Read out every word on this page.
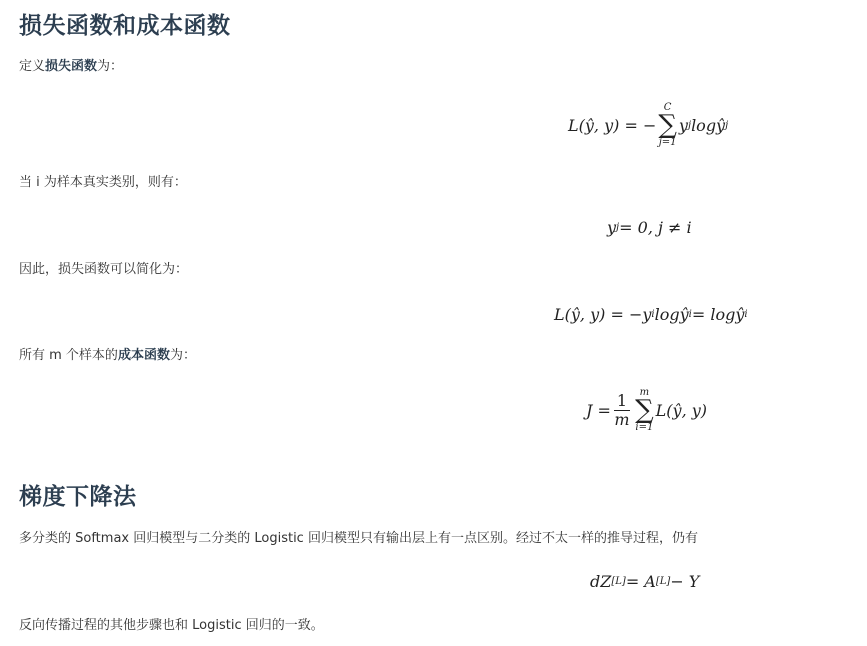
损失函数和成本函数

定义损失函数为：

L(ŷ, y) = −
C
∑
j=1
y j logŷ j

当 i 为样本真实类别，则有：

y j = 0, j ≠ i

因此，损失函数可以简化为：

L(ŷ, y) = −y i logŷ i = logŷ i

所有 m 个样本的成本函数为：

$J = \frac{1}{m}$ m
∑
i=1
L(ŷ, y)
梯度下降法

多分类的 Softmax 回归模型与二分类的 Logistic 回归模型只有输出层上有一点区别。经过不太一样的推导过程，仍有

dZ [L] = A [L] − Y

反向传播过程的其他步骤也和 Logistic 回归的一致。
